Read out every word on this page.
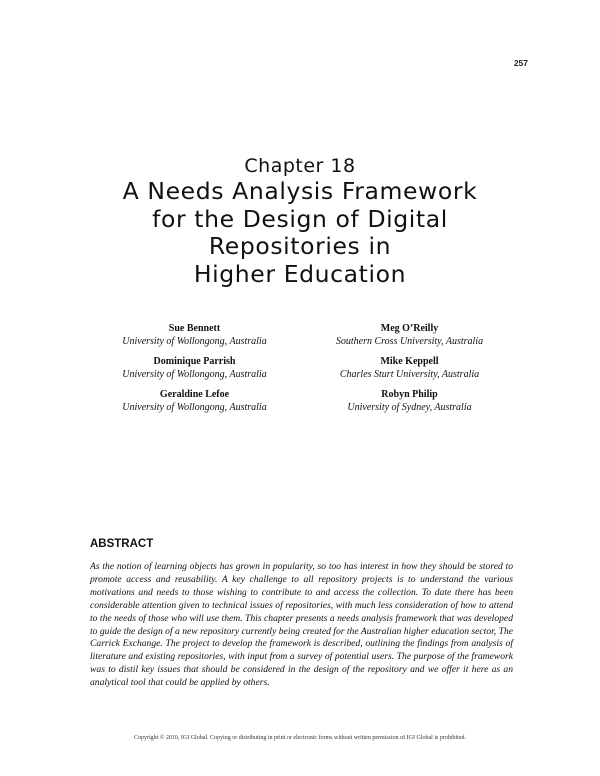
257
Chapter 18
A Needs Analysis Framework
for the Design of Digital
Repositories in
Higher Education
Sue Bennett
University of Wollongong, Australia
Meg O’Reilly
Southern Cross University, Australia
Dominique Parrish
University of Wollongong, Australia
Mike Keppell
Charles Sturt University, Australia
Geraldine Lefoe
University of Wollongong, Australia
Robyn Philip
University of Sydney, Australia
ABSTRACT
As the notion of learning objects has grown in popularity, so too has interest in how they should be stored to promote access and reusability. A key challenge to all repository projects is to understand the various motivations and needs to those wishing to contribute to and access the collection. To date there has been considerable attention given to technical issues of repositories, with much less consideration of how to attend to the needs of those who will use them. This chapter presents a needs analysis framework that was developed to guide the design of a new repository currently being created for the Australian higher education sector, The Carrick Exchange. The project to develop the framework is described, outlining the findings from analysis of literature and existing repositories, with input from a survey of potential users. The purpose of the framework was to distil key issues that should be considered in the design of the repository and we offer it here as an analytical tool that could be applied by others.
Copyright © 2010, IGI Global. Copying or distributing in print or electronic forms without written permission of IGI Global is prohibited.
